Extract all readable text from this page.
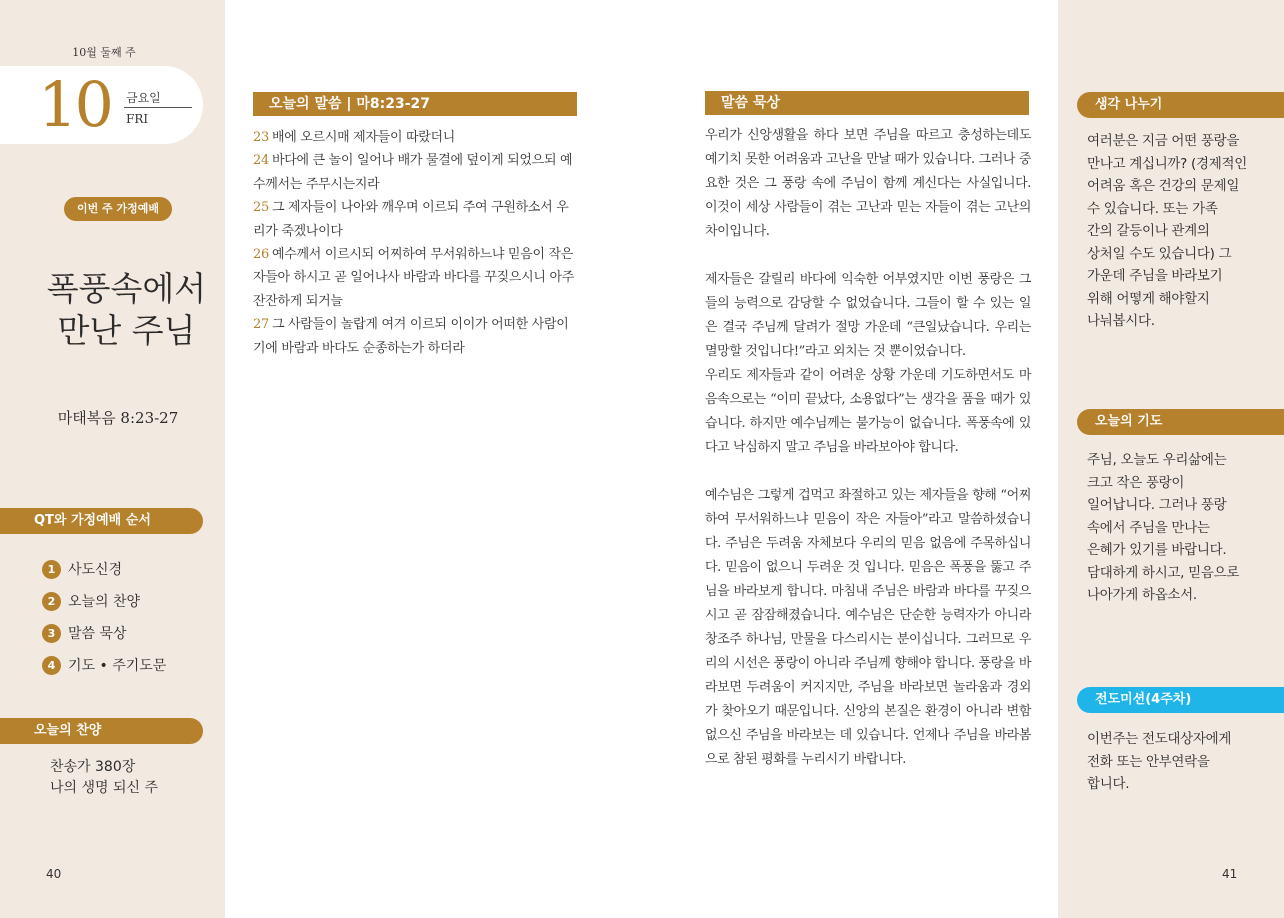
10월 둘째 주
10 금요일
FRI
이번 주 가정예배
폭풍속에서
만난 주님
마태복음 8:23-27
QT와 가정예배 순서
1 사도신경
2 오늘의 찬양
3 말씀 묵상
4 기도 • 주기도문
오늘의 찬양
찬송가 380장
나의 생명 되신 주
40
오늘의 말씀 | 마8:23-27
23 배에 오르시매 제자들이 따랐더니
24 바다에 큰 놀이 일어나 배가 물결에 덮이게 되었으되 예수께서는 주무시는지라
25 그 제자들이 나아와 깨우며 이르되 주여 구원하소서 우리가 죽겠나이다
26 예수께서 이르시되 어찌하여 무서워하느냐 믿음이 작은 자들아 하시고 곧 일어나사 바람과 바다를 꾸짖으시니 아주 잔잔하게 되거늘
27 그 사람들이 놀랍게 여겨 이르되 이이가 어떠한 사람이기에 바람과 바다도 순종하는가 하더라
말씀 묵상

우리가 신앙생활을 하다 보면 주님을 따르고 충성하는데도 예기치 못한 어려움과 고난을 만날 때가 있습니다. 그러나 중요한 것은 그 풍랑 속에 주님이 함께 계신다는 사실입니다. 이것이 세상 사람들이 겪는 고난과 믿는 자들이 겪는 고난의 차이입니다.

제자들은 갈릴리 바다에 익숙한 어부였지만 이번 풍랑은 그들의 능력으로 감당할 수 없었습니다. 그들이 할 수 있는 일은 결국 주님께 달려가 절망 가운데 “큰일났습니다. 우리는 멸망할 것입니다!”라고 외치는 것 뿐이었습니다.

우리도 제자들과 같이 어려운 상황 가운데 기도하면서도 마음속으로는 “이미 끝났다, 소용없다”는 생각을 품을 때가 있습니다. 하지만 예수님께는 불가능이 없습니다. 폭풍속에 있다고 낙심하지 말고 주님을 바라보아야 합니다.

예수님은 그렇게 겁먹고 좌절하고 있는 제자들을 향해 “어찌하여 무서워하느냐 믿음이 작은 자들아”라고 말씀하셨습니다. 주님은 두려움 자체보다 우리의 믿음 없음에 주목하십니다. 믿음이 없으니 두려운 것 입니다. 믿음은 폭풍을 뚫고 주님을 바라보게 합니다. 마침내 주님은 바람과 바다를 꾸짖으시고 곧 잠잠해졌습니다. 예수님은 단순한 능력자가 아니라 창조주 하나님, 만물을 다스리시는 분이십니다. 그러므로 우리의 시선은 풍랑이 아니라 주님께 향해야 합니다. 풍랑을 바라보면 두려움이 커지지만, 주님을 바라보면 놀라움과 경외가 찾아오기 때문입니다. 신앙의 본질은 환경이 아니라 변함없으신 주님을 바라보는 데 있습니다. 언제나 주님을 바라봄으로 참된 평화를 누리시기 바랍니다.

생각 나누기
여러분은 지금 어떤 풍랑을
만나고 계십니까? (경제적인
어려움 혹은 건강의 문제일
수 있습니다. 또는 가족
간의 갈등이나 관계의
상처일 수도 있습니다) 그
가운데 주님을 바라보기
위해 어떻게 해야할지
나눠봅시다.
오늘의 기도
주님, 오늘도 우리삶에는
크고 작은 풍랑이
일어납니다. 그러나 풍랑
속에서 주님을 만나는
은혜가 있기를 바랍니다.
담대하게 하시고, 믿음으로
나아가게 하옵소서.
전도미션(4주차)
이번주는 전도대상자에게
전화 또는 안부연락을
합니다.
41
